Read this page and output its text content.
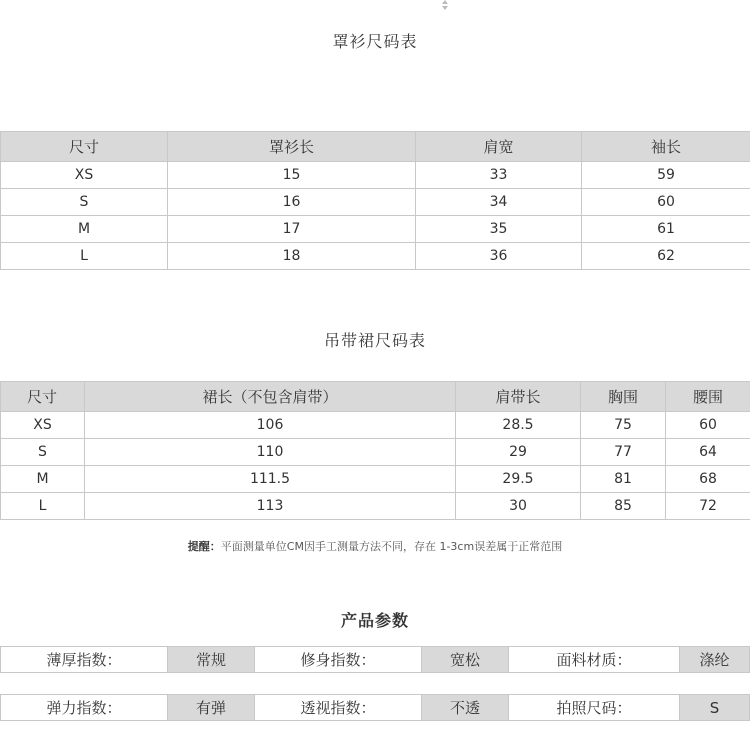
罩衫尺码表
尺寸	罩衫长	肩宽	袖长
XS	15	33	59
S	16	34	60
M	17	35	61
L	18	36	62
吊带裙尺码表
尺寸	裙长（不包含肩带）	肩带长	胸围	腰围
XS	106	28.5	75	60
S	110	29	77	64
M	111.5	29.5	81	68
L	113	30	85	72
提醒：平面测量单位CM因手工测量方法不同，存在 1-3cm误差属于正常范围
产品参数
薄厚指数：	常规	修身指数：	宽松	面料材质：	涤纶
弹力指数：	有弹	透视指数：	不透	拍照尺码：	S
